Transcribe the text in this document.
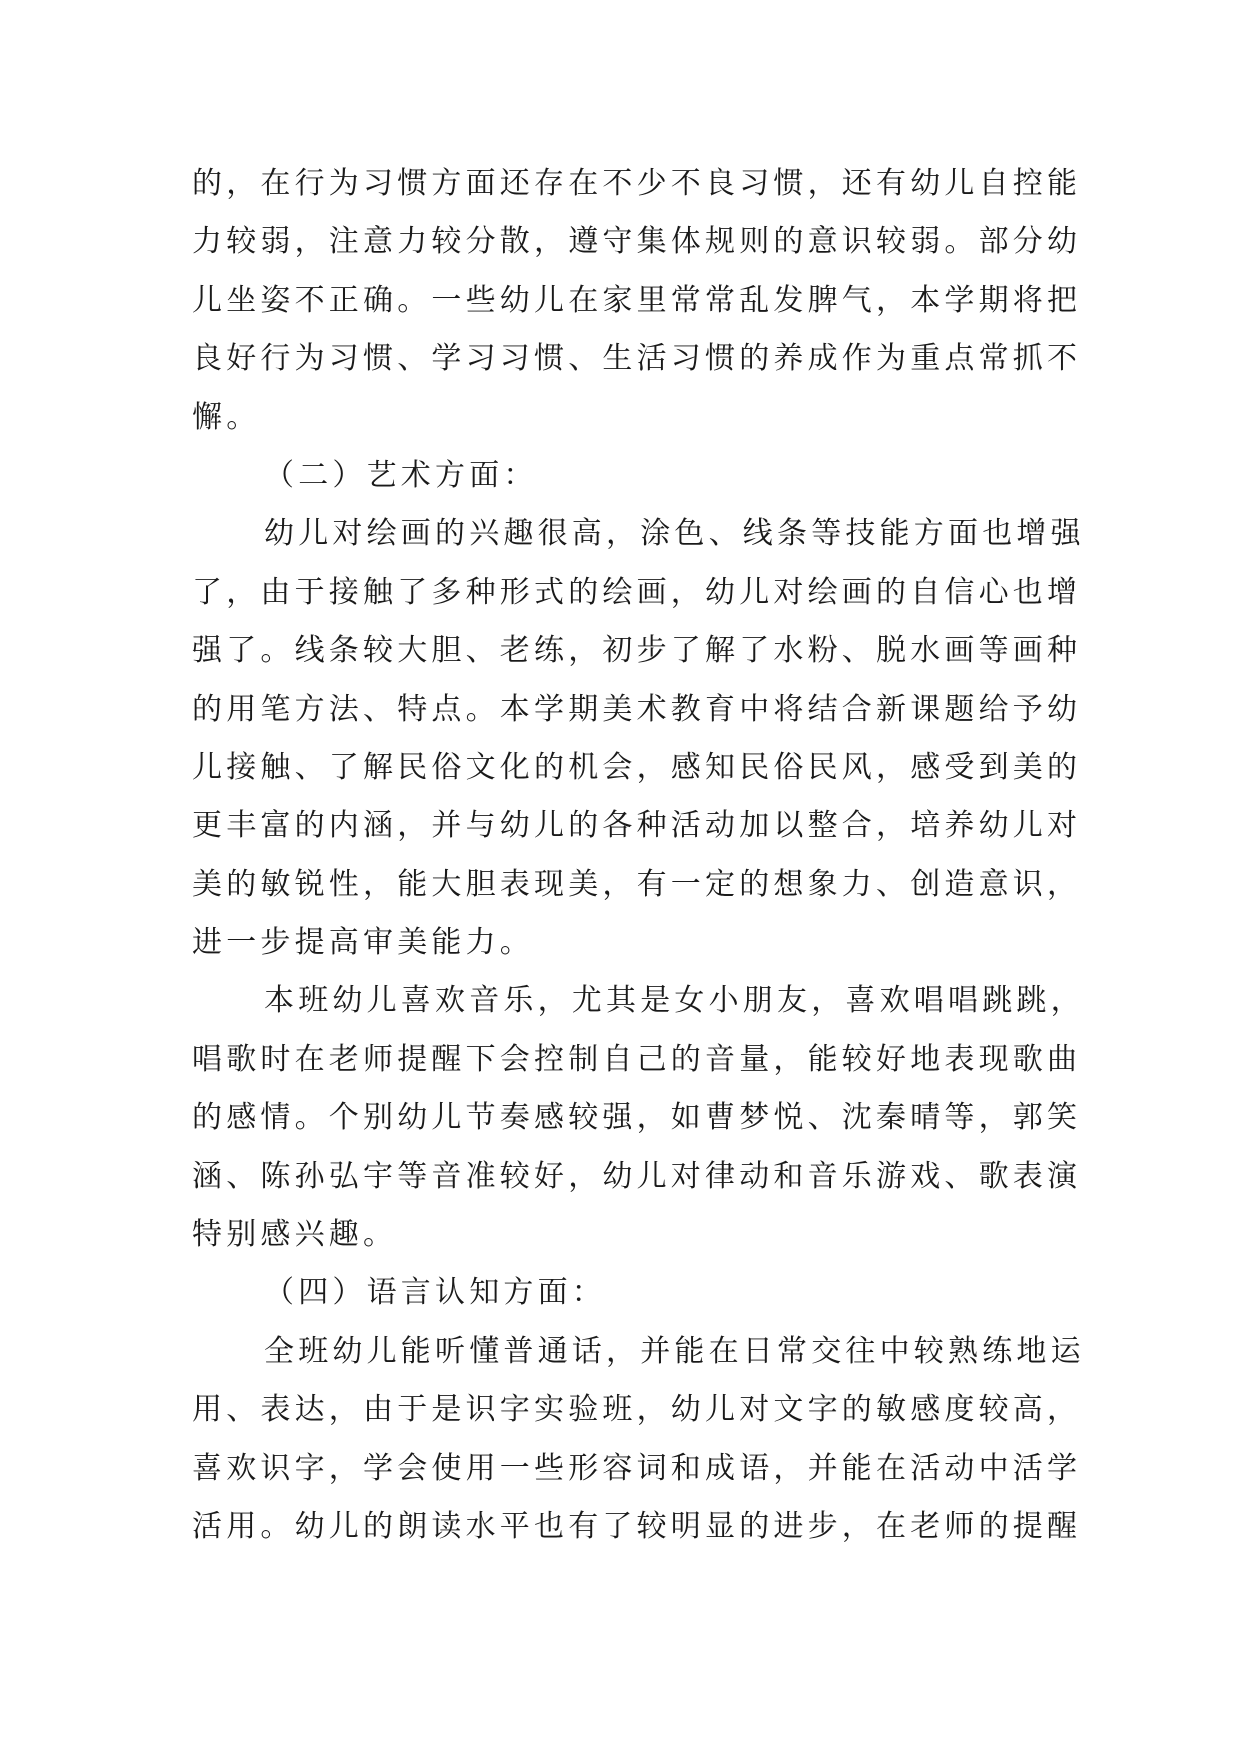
的，在行为习惯方面还存在不少不良习惯，还有幼儿自控能
力较弱，注意力较分散，遵守集体规则的意识较弱。部分幼
儿坐姿不正确。一些幼儿在家里常常乱发脾气，本学期将把
良好行为习惯、学习习惯、生活习惯的养成作为重点常抓不
懈。
（二）艺术方面：
幼儿对绘画的兴趣很高，涂色、线条等技能方面也增强
了，由于接触了多种形式的绘画，幼儿对绘画的自信心也增
强了。线条较大胆、老练，初步了解了水粉、脱水画等画种
的用笔方法、特点。本学期美术教育中将结合新课题给予幼
儿接触、了解民俗文化的机会，感知民俗民风，感受到美的
更丰富的内涵，并与幼儿的各种活动加以整合，培养幼儿对
美的敏锐性，能大胆表现美，有一定的想象力、创造意识，
进一步提高审美能力。
本班幼儿喜欢音乐，尤其是女小朋友，喜欢唱唱跳跳，
唱歌时在老师提醒下会控制自己的音量，能较好地表现歌曲
的感情。个别幼儿节奏感较强，如曹梦悦、沈秦晴等，郭笑
涵、陈孙弘宇等音准较好，幼儿对律动和音乐游戏、歌表演
特别感兴趣。
（四）语言认知方面：
全班幼儿能听懂普通话，并能在日常交往中较熟练地运
用、表达，由于是识字实验班，幼儿对文字的敏感度较高，
喜欢识字，学会使用一些形容词和成语，并能在活动中活学
活用。幼儿的朗读水平也有了较明显的进步，在老师的提醒
